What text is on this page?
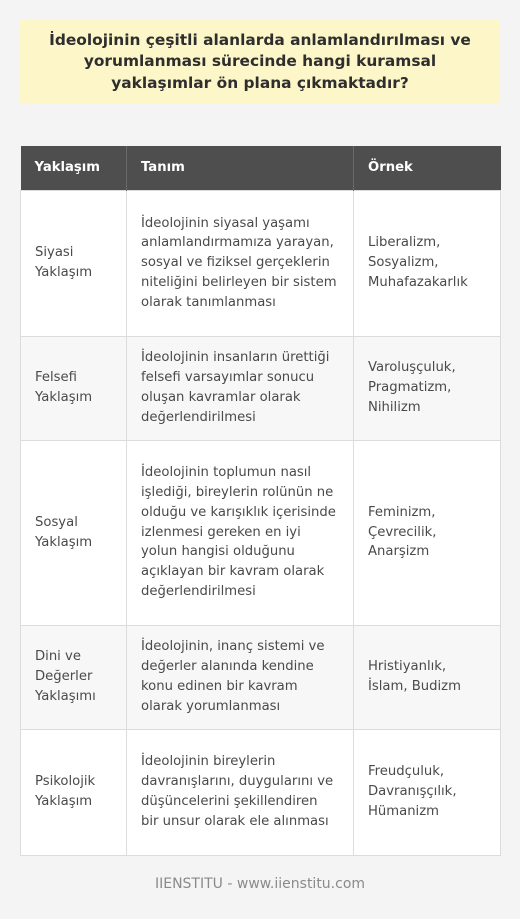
İdeolojinin çeşitli alanlarda anlamlandırılması ve yorumlanması sürecinde hangi kuramsal yaklaşımlar ön plana çıkmaktadır?
Yaklaşım	Tanım	Örnek
Siyasi Yaklaşım	İdeolojinin siyasal yaşamı anlamlandırmamıza yarayan, sosyal ve fiziksel gerçeklerin niteliğini belirleyen bir sistem olarak tanımlanması	Liberalizm, Sosyalizm, Muhafazakarlık
Felsefi Yaklaşım	İdeolojinin insanların ürettiği felsefi varsayımlar sonucu oluşan kavramlar olarak değerlendirilmesi	Varoluşçuluk, Pragmatizm, Nihilizm
Sosyal Yaklaşım	İdeolojinin toplumun nasıl işlediği, bireylerin rolünün ne olduğu ve karışıklık içerisinde izlenmesi gereken en iyi yolun hangisi olduğunu açıklayan bir kavram olarak değerlendirilmesi	Feminizm, Çevrecilik, Anarşizm
Dini ve Değerler Yaklaşımı	İdeolojinin, inanç sistemi ve değerler alanında kendine konu edinen bir kavram olarak yorumlanması	Hristiyanlık, İslam, Budizm
Psikolojik Yaklaşım	İdeolojinin bireylerin davranışlarını, duygularını ve düşüncelerini şekillendiren bir unsur olarak ele alınması	Freudçuluk, Davranışçılık, Hümanizm
IIENSTITU - www.iienstitu.com
